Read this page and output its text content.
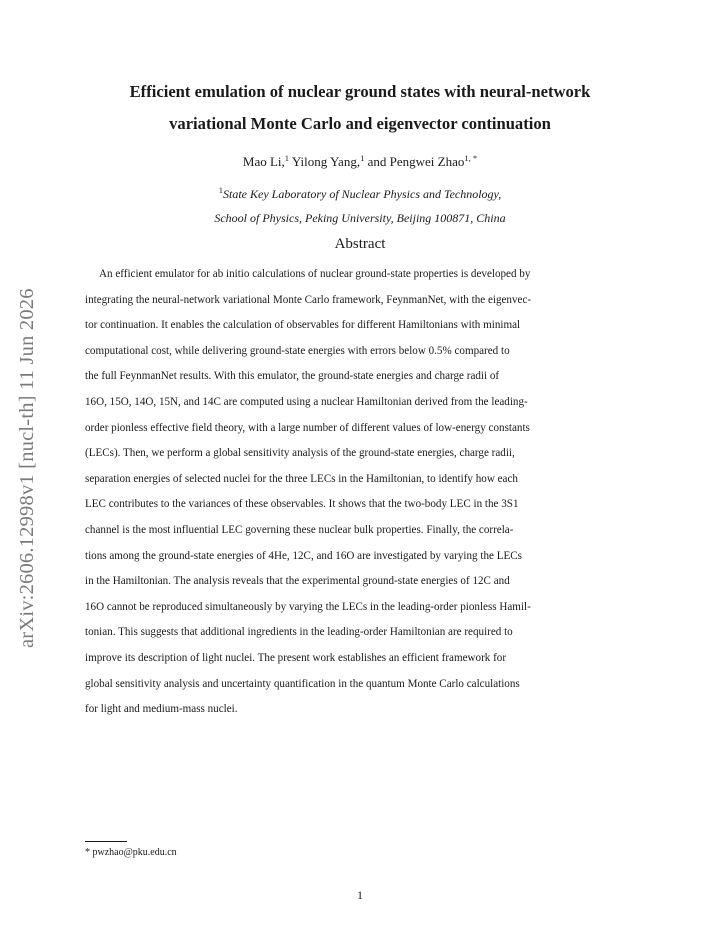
arXiv:2606.12998v1 [nucl-th] 11 Jun 2026
Efficient emulation of nuclear ground states with neural-network
variational Monte Carlo and eigenvector continuation
Mao Li,$^1$ Yilong Yang,$^1$ and Pengwei Zhao$^{1, *}$
$^1$State Key Laboratory of Nuclear Physics and Technology,
School of Physics, Peking University, Beijing 100871, China
Abstract
An efficient emulator for ab initio calculations of nuclear ground-state properties is developed by
integrating the neural-network variational Monte Carlo framework, FeynmanNet, with the eigenvec-
tor continuation. It enables the calculation of observables for different Hamiltonians with minimal
computational cost, while delivering ground-state energies with errors below 0.5% compared to
the full FeynmanNet results. With this emulator, the ground-state energies and charge radii of
16O, 15O, 14O, 15N, and 14C are computed using a nuclear Hamiltonian derived from the leading-
order pionless effective field theory, with a large number of different values of low-energy constants
(LECs). Then, we perform a global sensitivity analysis of the ground-state energies, charge radii,
separation energies of selected nuclei for the three LECs in the Hamiltonian, to identify how each
LEC contributes to the variances of these observables. It shows that the two-body LEC in the 3S1
channel is the most influential LEC governing these nuclear bulk properties. Finally, the correla-
tions among the ground-state energies of 4He, 12C, and 16O are investigated by varying the LECs
in the Hamiltonian. The analysis reveals that the experimental ground-state energies of 12C and
16O cannot be reproduced simultaneously by varying the LECs in the leading-order pionless Hamil-
tonian. This suggests that additional ingredients in the leading-order Hamiltonian are required to
improve its description of light nuclei. The present work establishes an efficient framework for
global sensitivity analysis and uncertainty quantification in the quantum Monte Carlo calculations
for light and medium-mass nuclei.
* pwzhao@pku.edu.cn
1
